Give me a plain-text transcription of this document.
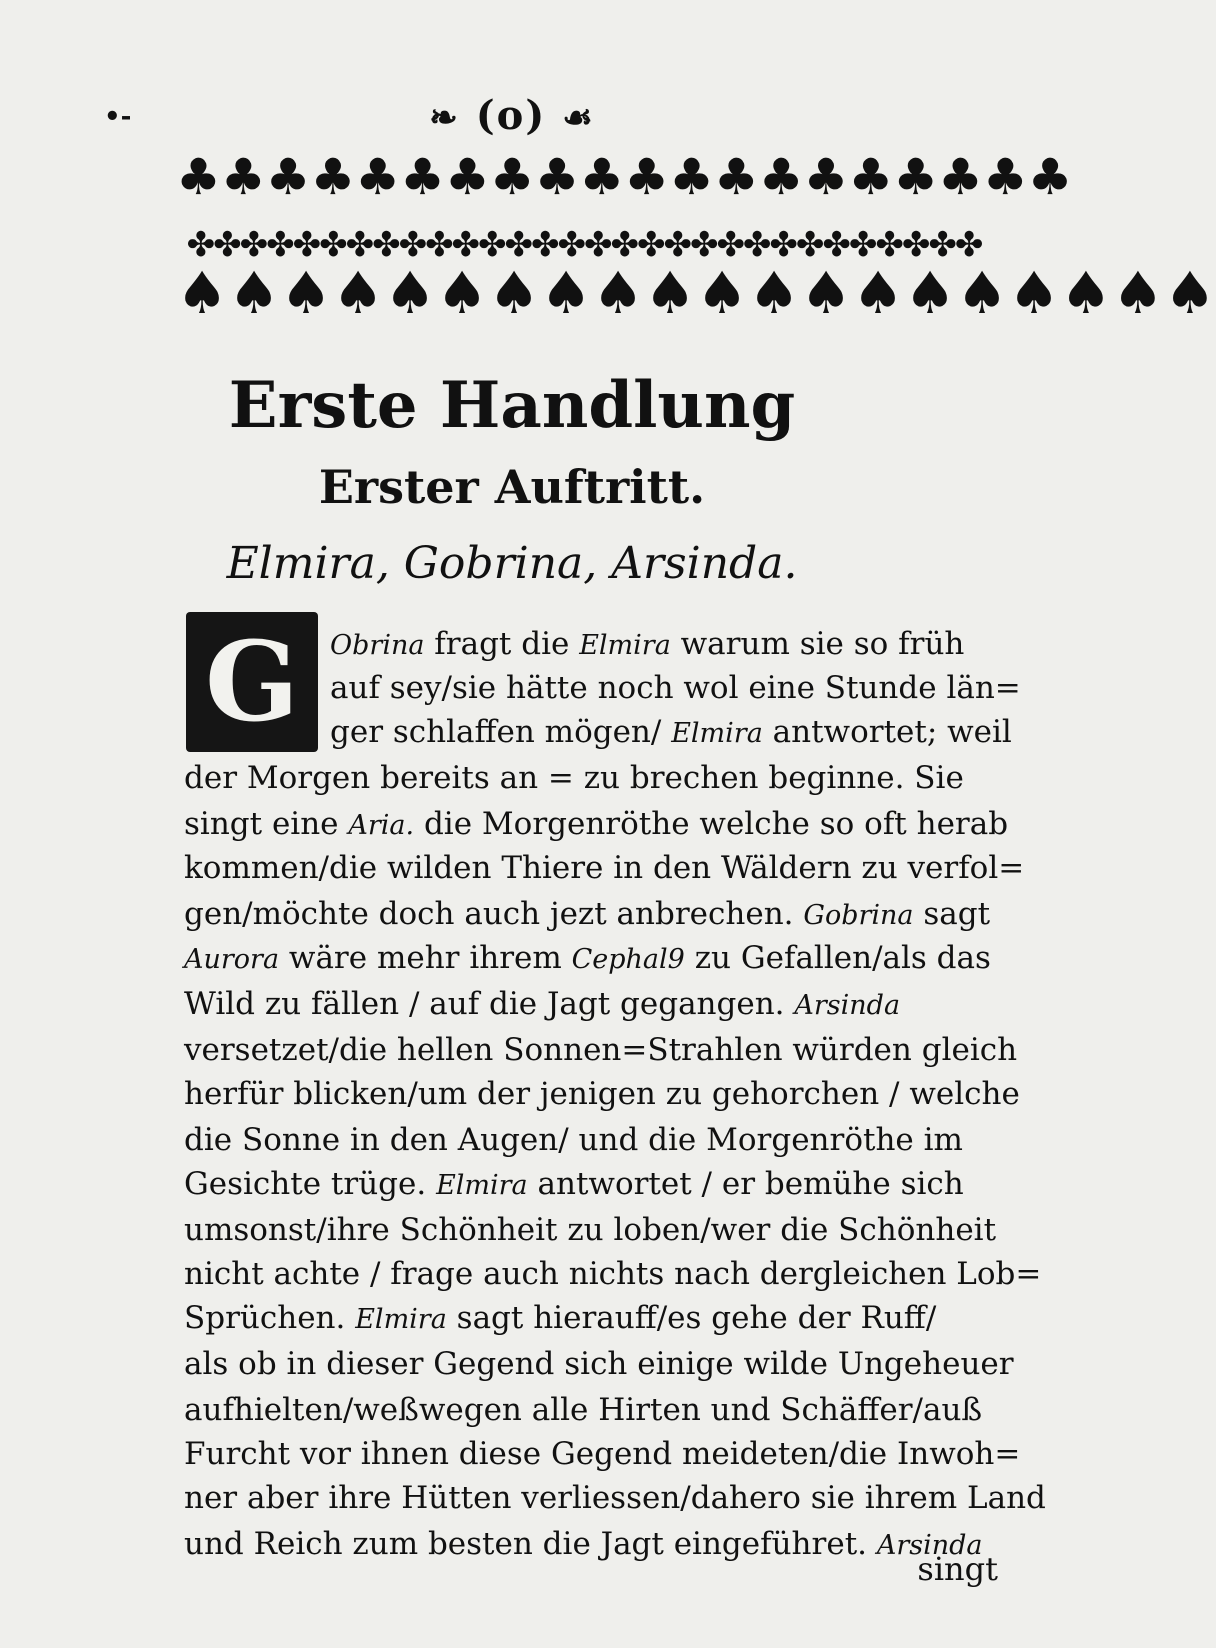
•-	❧ (o) ☙
♣♣♣♣♣♣♣♣♣♣♣♣♣♣♣♣♣♣♣♣
✤✤✤✤✤✤✤✤✤✤✤✤✤✤✤✤✤✤✤✤✤✤✤✤✤✤✤✤✤✤
♠♠♠♠♠♠♠♠♠♠♠♠♠♠♠♠♠♠♠♠
Erste Handlung
Erster Auftritt.
Elmira, Gobrina, Arsinda.
G	Obrina fragt die Elmira warum sie so früh
auf sey/sie hätte noch wol eine Stunde län=
ger schlaffen mögen/ Elmira antwortet; weil
der Morgen bereits an = zu brechen beginne. Sie
singt eine Aria. die Morgenröthe welche so oft herab
kommen/die wilden Thiere in den Wäldern zu verfol=
gen/möchte doch auch jezt anbrechen. Gobrina sagt
Aurora wäre mehr ihrem Cephal9 zu Gefallen/als das
Wild zu fällen / auf die Jagt gegangen. Arsinda
versetzet/die hellen Sonnen=Strahlen würden gleich
herfür blicken/um der jenigen zu gehorchen / welche
die Sonne in den Augen/ und die Morgenröthe im
Gesichte trüge. Elmira antwortet / er bemühe sich
umsonst/ihre Schönheit zu loben/wer die Schönheit
nicht achte / frage auch nichts nach dergleichen Lob=
Sprüchen. Elmira sagt hierauff/es gehe der Ruff/
als ob in dieser Gegend sich einige wilde Ungeheuer
aufhielten/weßwegen alle Hirten und Schäffer/auß
Furcht vor ihnen diese Gegend meideten/die Inwoh=
ner aber ihre Hütten verliessen/dahero sie ihrem Land
und Reich zum besten die Jagt eingeführet. Arsinda
singt
